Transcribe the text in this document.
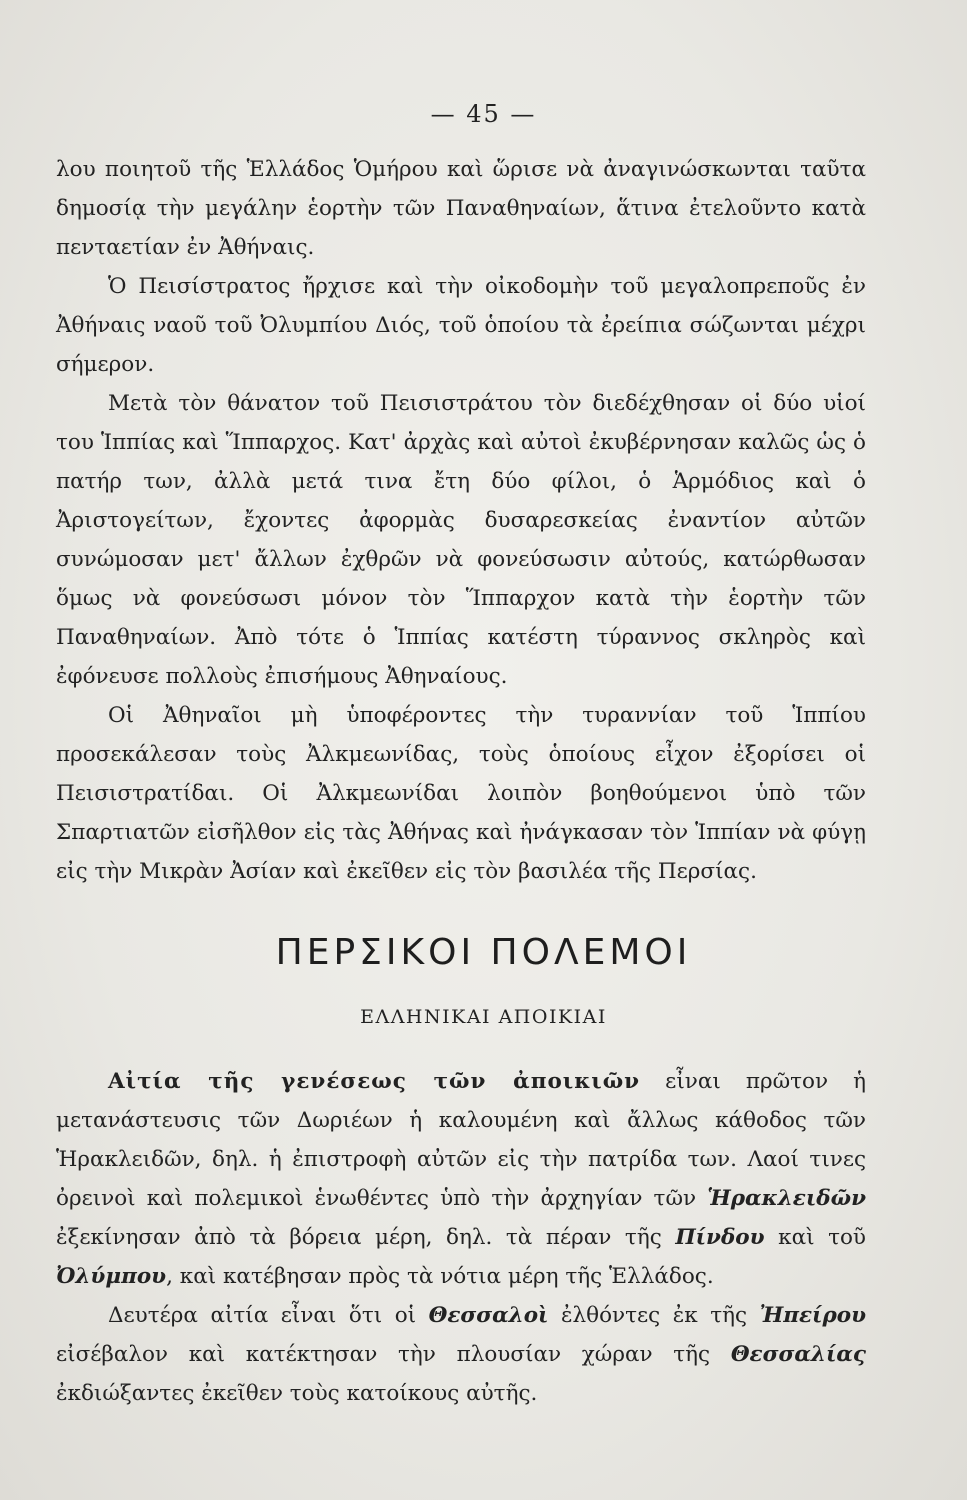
— 45 —

λου ποιητοῦ τῆς Ἑλλάδος Ὁμήρου καὶ ὥρισε νὰ ἀναγινώσκωνται ταῦτα δημοσίᾳ τὴν μεγάλην ἑορτὴν τῶν Παναθηναίων, ἅτινα ἐτελοῦντο κατὰ πενταετίαν ἐν Ἀθήναις.

Ὁ Πεισίστρατος ἤρχισε καὶ τὴν οἰκοδομὴν τοῦ μεγαλοπρεποῦς ἐν Ἀθήναις ναοῦ τοῦ Ὀλυμπίου Διός, τοῦ ὁποίου τὰ ἐρείπια σώζωνται μέχρι σήμερον.

Μετὰ τὸν θάνατον τοῦ Πεισιστράτου τὸν διεδέχθησαν οἱ δύο υἱοί του Ἱππίας καὶ Ἵππαρχος. Κατ' ἀρχὰς καὶ αὐτοὶ ἐκυβέρνησαν καλῶς ὡς ὁ πατήρ των, ἀλλὰ μετά τινα ἔτη δύο φίλοι, ὁ Ἁρμόδιος καὶ ὁ Ἀριστογείτων, ἔχοντες ἀφορμὰς δυσαρεσκείας ἐναντίον αὐτῶν συνώμοσαν μετ' ἄλλων ἐχθρῶν νὰ φονεύσωσιν αὐτούς, κατώρθωσαν ὅμως νὰ φονεύσωσι μόνον τὸν Ἵππαρχον κατὰ τὴν ἑορτὴν τῶν Παναθηναίων. Ἀπὸ τότε ὁ Ἱππίας κατέστη τύραννος σκληρὸς καὶ ἐφόνευσε πολλοὺς ἐπισήμους Ἀθηναίους.

Οἱ Ἀθηναῖοι μὴ ὑποφέροντες τὴν τυραννίαν τοῦ Ἱππίου προσεκάλεσαν τοὺς Ἀλκμεωνίδας, τοὺς ὁποίους εἶχον ἐξορίσει οἱ Πεισιστρατίδαι. Οἱ Ἀλκμεωνίδαι λοιπὸν βοηθούμενοι ὑπὸ τῶν Σπαρτιατῶν εἰσῆλθον εἰς τὰς Ἀθήνας καὶ ἠνάγκασαν τὸν Ἱππίαν νὰ φύγῃ εἰς τὴν Μικρὰν Ἀσίαν καὶ ἐκεῖθεν εἰς τὸν βασιλέα τῆς Περσίας.

ΠΕΡΣΙΚΟΙ ΠΟΛΕΜΟΙ
ΕΛΛΗΝΙΚΑΙ ΑΠΟΙΚΙΑΙ

Αἰτία τῆς γενέσεως τῶν ἀποικιῶν εἶναι πρῶτον ἡ μετανάστευσις τῶν Δωριέων ἡ καλουμένη καὶ ἄλλως κάθοδος τῶν Ἡρακλειδῶν, δηλ. ἡ ἐπιστροφὴ αὐτῶν εἰς τὴν πατρίδα των. Λαοί τινες ὀρεινοὶ καὶ πολεμικοὶ ἑνωθέντες ὑπὸ τὴν ἀρχηγίαν τῶν Ἡρακλειδῶν ἐξεκίνησαν ἀπὸ τὰ βόρεια μέρη, δηλ. τὰ πέραν τῆς Πίνδου καὶ τοῦ Ὀλύμπου, καὶ κατέβησαν πρὸς τὰ νότια μέρη τῆς Ἑλλάδος.

Δευτέρα αἰτία εἶναι ὅτι οἱ Θεσσαλοὶ ἐλθόντες ἐκ τῆς Ἠπείρου εἰσέβαλον καὶ κατέκτησαν τὴν πλουσίαν χώραν τῆς Θεσσαλίας ἐκδιώξαντες ἐκεῖθεν τοὺς κατοίκους αὐτῆς.
